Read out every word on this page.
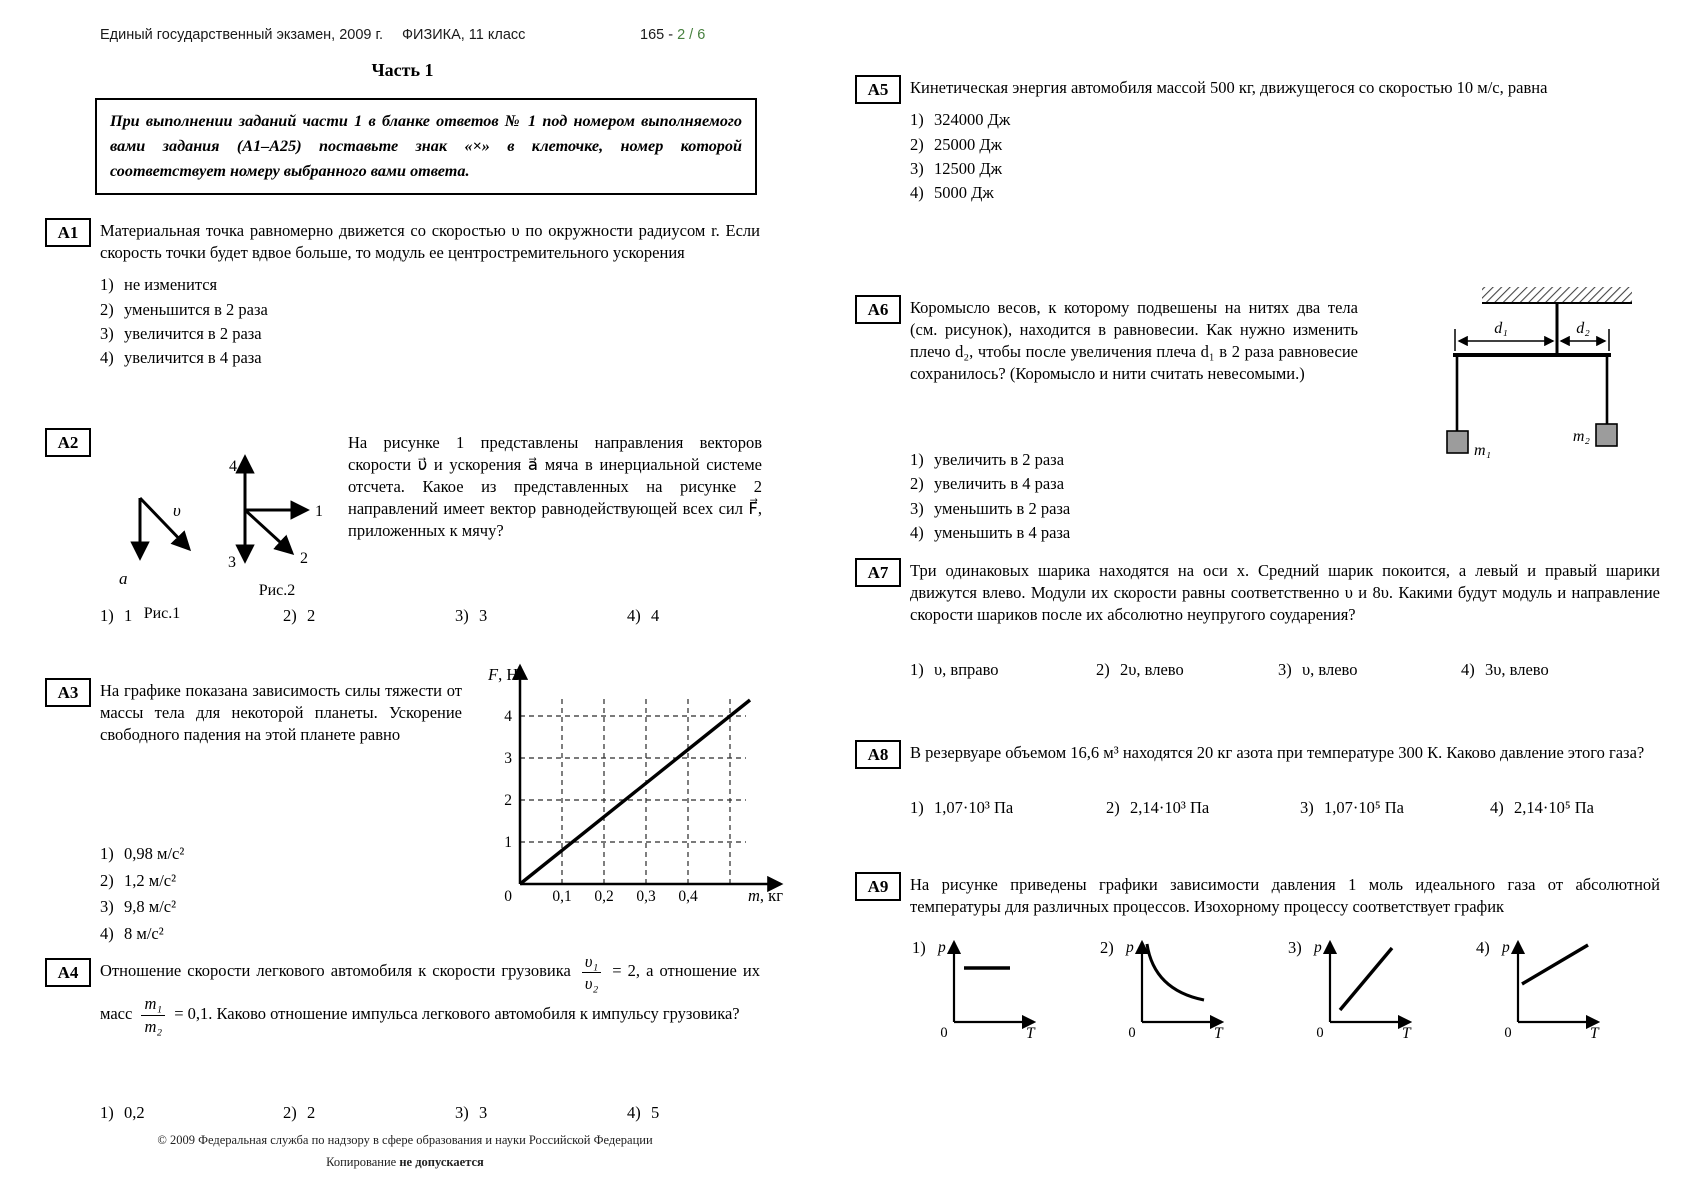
Единый государственный экзамен, 2009 г. ФИЗИКА, 11 класс	165 - 2 / 6
Часть 1

При выполнении заданий части 1 в бланке ответов № 1 под номером выполняемого вами задания (А1–А25) поставьте знак «×» в клеточке, номер которой соответствует номеру выбранного вами ответа.

А1	Материальная точка равномерно движется со скоростью υ по окружности радиусом r. Если скорость точки будет вдвое больше, то модуль ее центростремительного ускорения

1) не изменится
2) уменьшится в 2 раза
3) увеличится в 2 раза
4) увеличится в 4 раза
А2
υ⃗
a⃗
Рис.1
4
1
3	2
Рис.2

На рисунке 1 представлены направления векторов скорости υ⃗ и ускорения a⃗ мяча в инерциальной системе отсчета. Какое из представленных на рисунке 2 направлений имеет вектор равнодействующей всех сил F⃗, приложенных к мячу?

1) 1	2) 2	3) 3	4) 4
А3	На графике показана зависимость силы тяжести от массы тела для некоторой планеты. Ускорение свободного падения на этой планете равно

1) 0,98 м/с²
2) 1,2 м/с²
3) 9,8 м/с²
4) 8 м/с²
F, Н
m, кг
0
1
2
3
4
0,1 0,2 0,3 0,4
А4	Отношение скорости легкового автомобиля к скорости грузовика $\frac{\text{υ₁}}{\text{υ₂}} = 2$, а отношение их масс $\frac{\text{m₁}}{\text{m₂}} = 0,1$. Каково отношение импульса легкового автомобиля к импульсу грузовика?

1) 0,2	2) 2	3) 3	4) 5
© 2009 Федеральная служба по надзору в сфере образования и науки Российской Федерации
Копирование не допускается
А5	Кинетическая энергия автомобиля массой 500 кг, движущегося со скоростью 10 м/с, равна

1) 324000 Дж
2) 25000 Дж
3) 12500 Дж
4) 5000 Дж
А6	Коромысло весов, к которому подвешены на нитях два тела (см. рисунок), находится в равновесии. Как нужно изменить плечо d₂, чтобы после увеличения плеча d₁ в 2 раза равновесие сохранилось? (Коромысло и нити считать невесомыми.)

1) увеличить в 2 раза
2) увеличить в 4 раза
3) уменьшить в 2 раза
4) уменьшить в 4 раза
d₁	d₂
m₁
m₂
А7	Три одинаковых шарика находятся на оси x. Средний шарик покоится, а левый и правый шарики движутся влево. Модули их скорости равны соответственно υ и 8υ. Какими будут модуль и направление скорости шариков после их абсолютно неупругого соударения?

1) υ, вправо	2) 2υ, влево	3) υ, влево	4) 3υ, влево
А8	В резервуаре объемом 16,6 м³ находятся 20 кг азота при температуре 300 К. Каково давление этого газа?

1) 1,07·10³ Па	2) 2,14·10³ Па	3) 1,07·10⁵ Па	4) 2,14·10⁵ Па
А9	На рисунке приведены графики зависимости давления 1 моль идеального газа от абсолютной температуры для различных процессов. Изохорному процессу соответствует график

1) p
0	T
2) p
0	T
3) p
0	T
4) p
0	T
